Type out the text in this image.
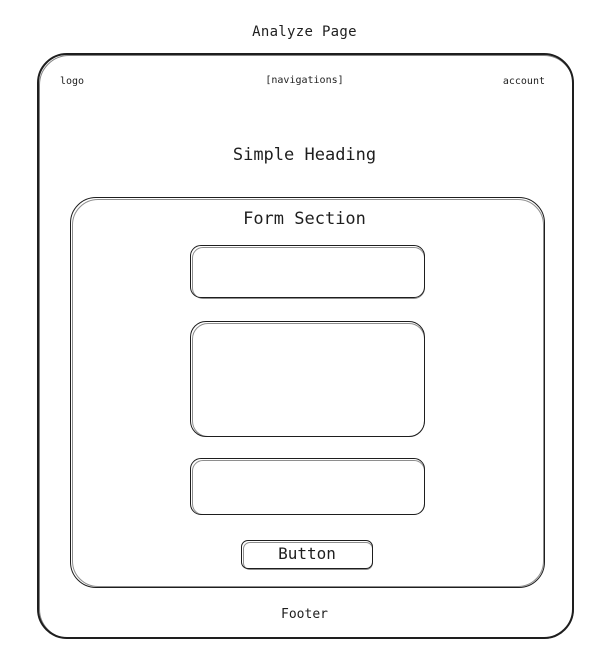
Analyze Page
logo	[navigations]	account
Simple Heading
Form Section
Button
Footer
